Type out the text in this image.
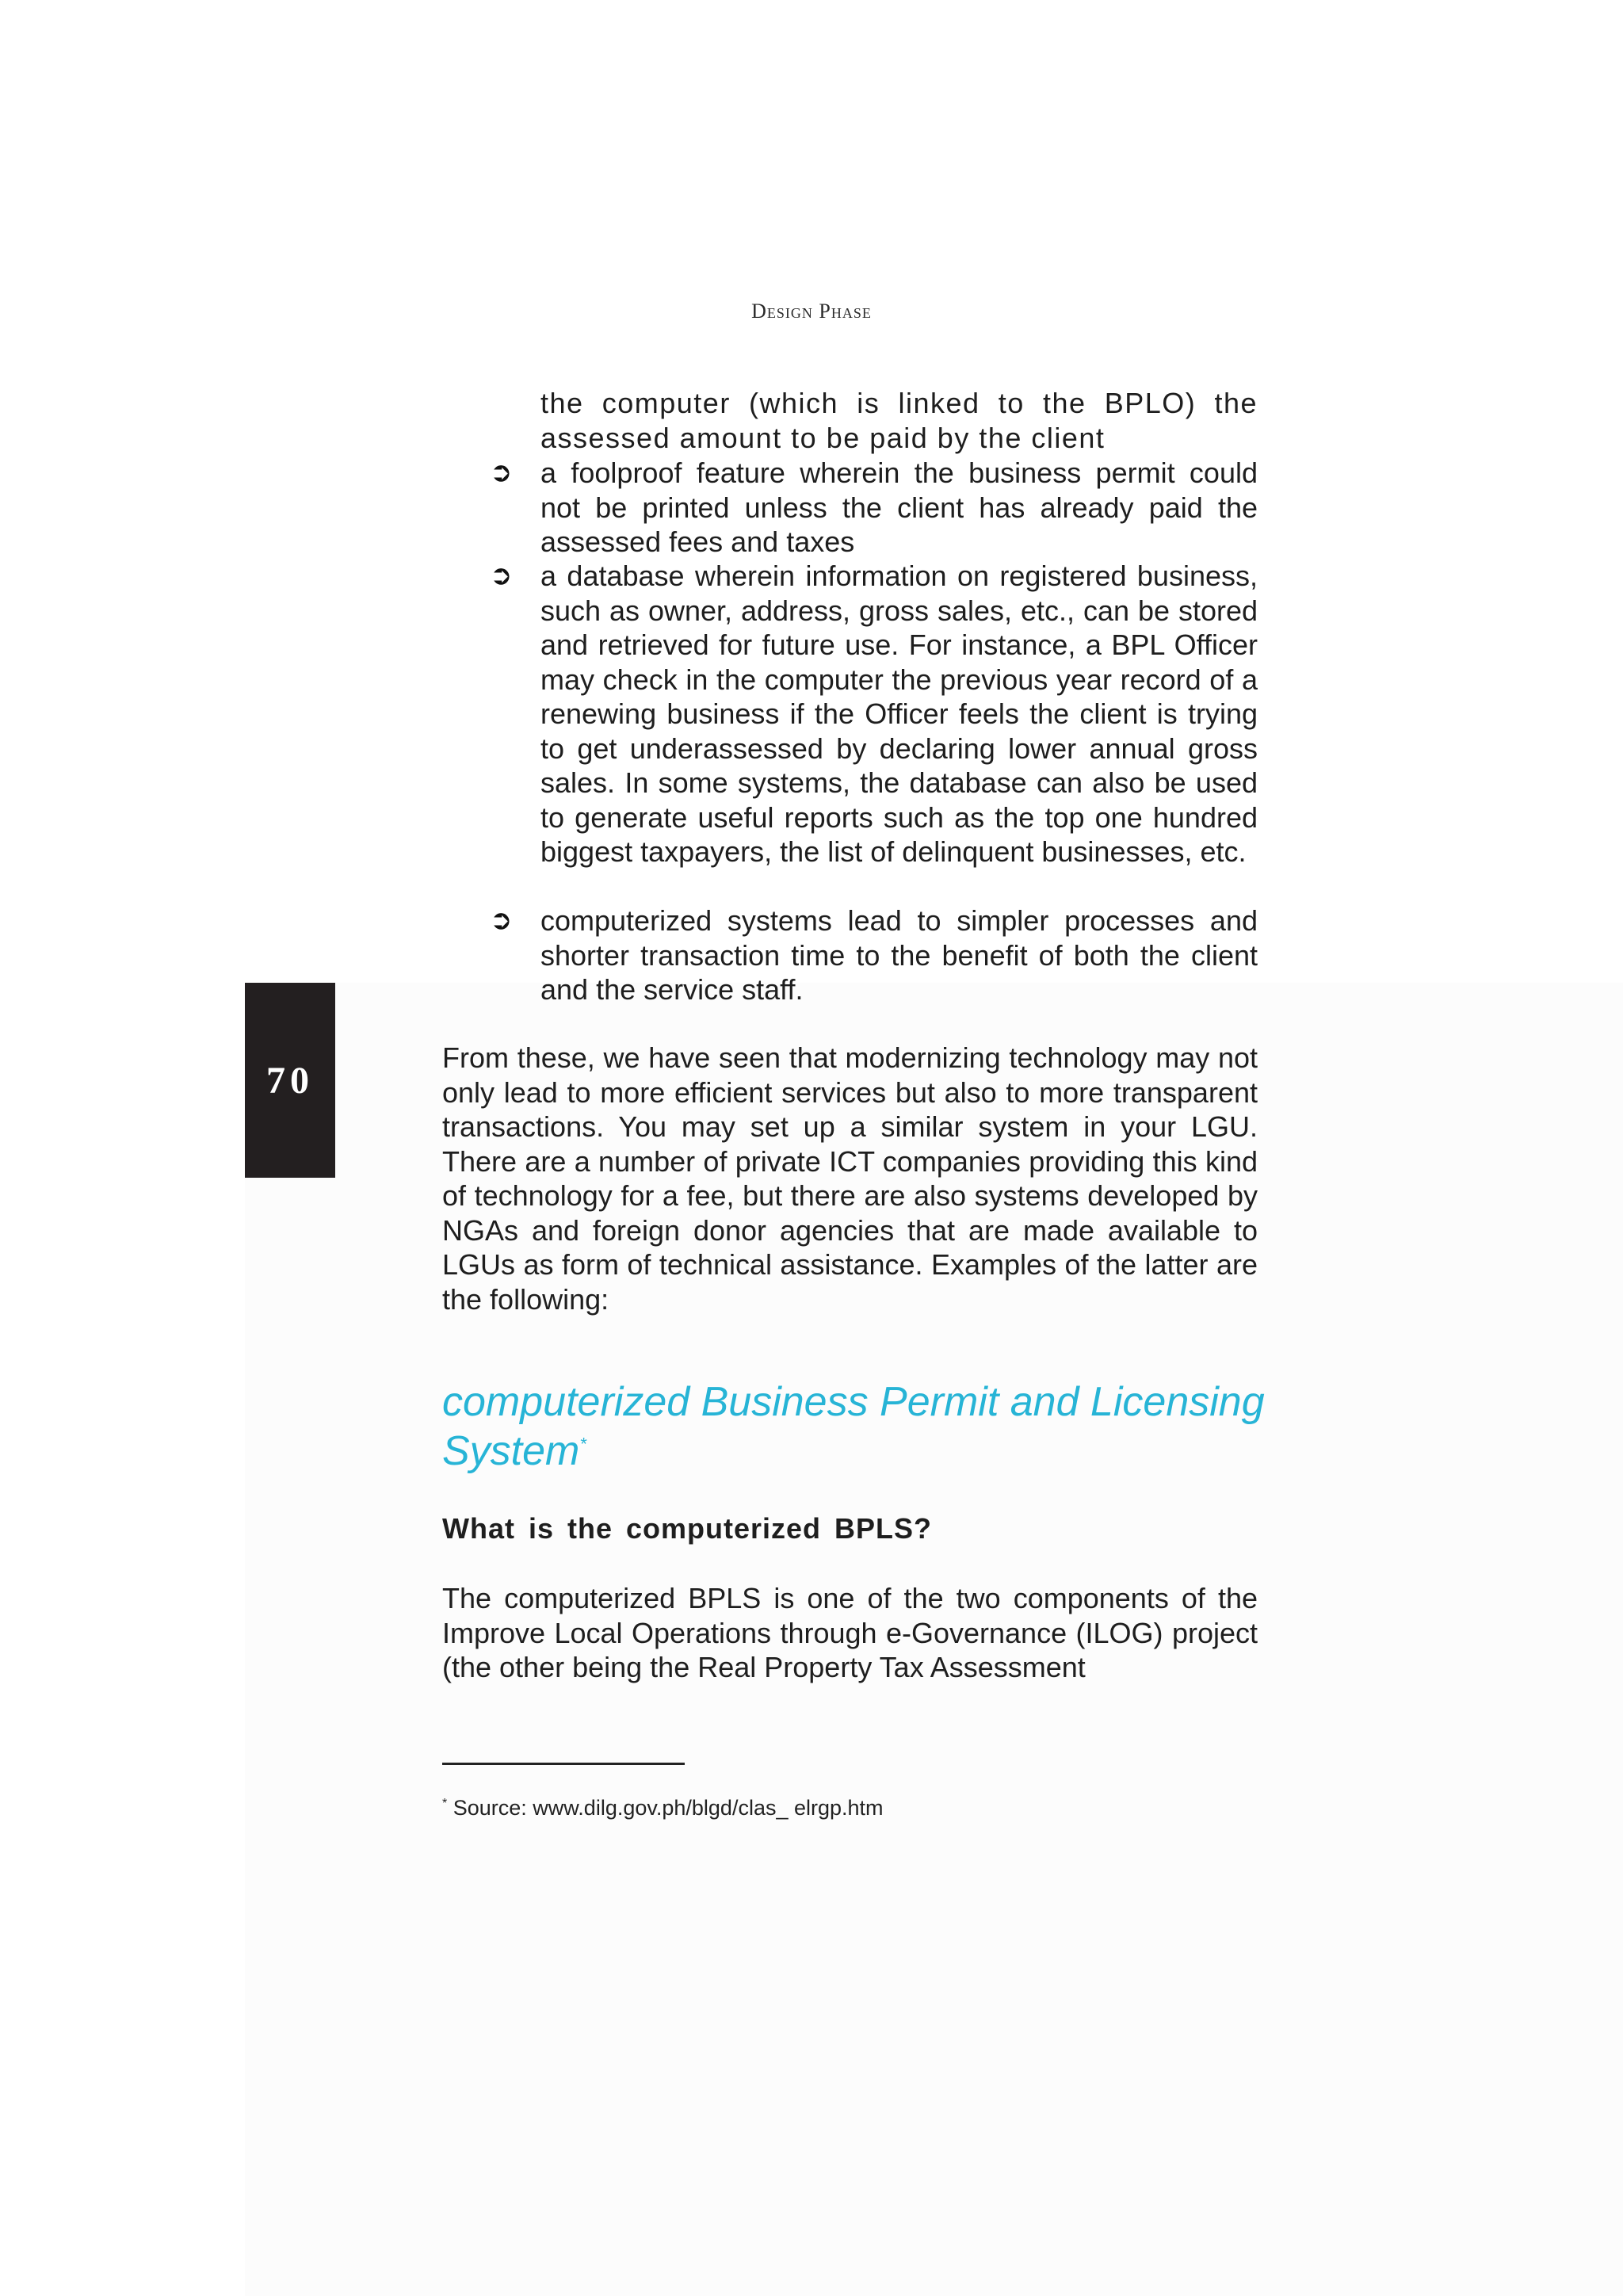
Design Phase
70
the computer (which is linked to the BPLO) the assessed amount to be paid by the client
➲ a foolproof feature wherein the business permit could not be printed unless the client has already paid the assessed fees and taxes
➲ a database wherein information on registered business, such as owner, address, gross sales, etc., can be stored and retrieved for future use. For instance, a BPL Officer may check in the computer the previous year record of a renewing business if the Officer feels the client is trying to get underassessed by declaring lower annual gross sales. In some systems, the database can also be used to generate useful reports such as the top one hundred biggest taxpayers, the list of delinquent businesses, etc.
➲ computerized systems lead to simpler processes and shorter transaction time to the benefit of both the client and the service staff.
From these, we have seen that modernizing technology may not only lead to more efficient services but also to more transparent transactions. You may set up a similar system in your LGU. There are a number of private ICT companies providing this kind of technology for a fee, but there are also systems developed by NGAs and foreign donor agencies that are made available to LGUs as form of technical assistance. Examples of the latter are the following:
computerized Business Permit and Licensing System*
What is the computerized BPLS?
The computerized BPLS is one of the two components of the Improve Local Operations through e-Governance (ILOG) project (the other being the Real Property Tax Assessment
* Source: www.dilg.gov.ph/blgd/clas_ elrgp.htm
